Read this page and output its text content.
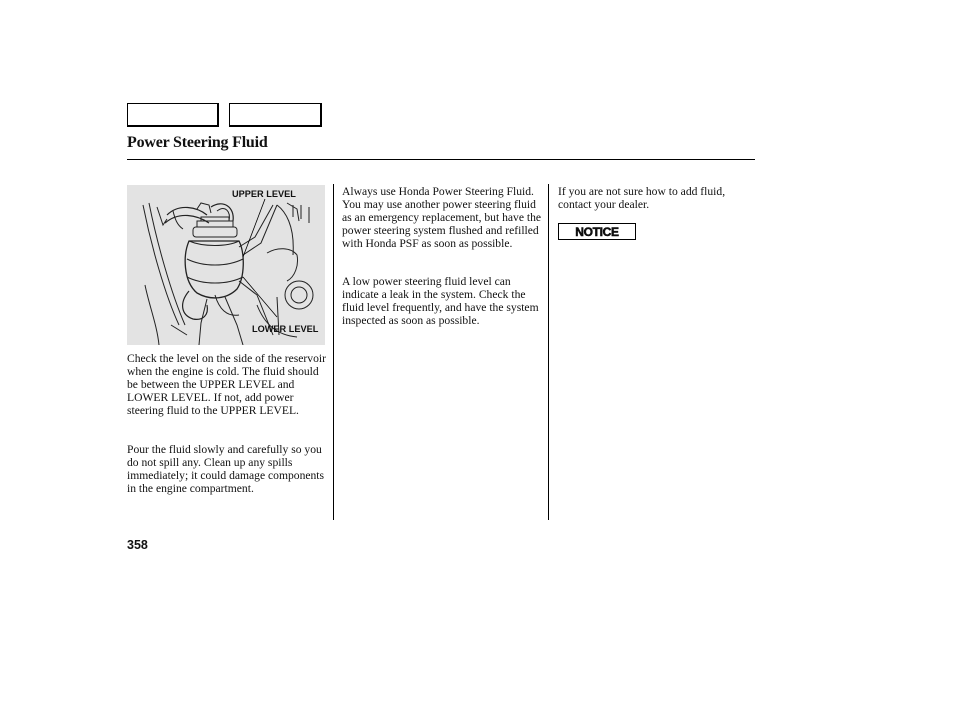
Power Steering Fluid
UPPER LEVEL
LOWER LEVEL

Check the level on the side of the reservoir when the engine is cold. The fluid should be between the UPPER LEVEL and LOWER LEVEL. If not, add power steering fluid to the UPPER LEVEL.

Pour the fluid slowly and carefully so you do not spill any. Clean up any spills immediately; it could damage components in the engine compartment.

Always use Honda Power Steering Fluid. You may use another power steering fluid as an emergency replacement, but have the power steering system flushed and refilled with Honda PSF as soon as possible.

A low power steering fluid level can indicate a leak in the system. Check the fluid level frequently, and have the system inspected as soon as possible.

If you are not sure how to add fluid, contact your dealer.

NOTICE
358
